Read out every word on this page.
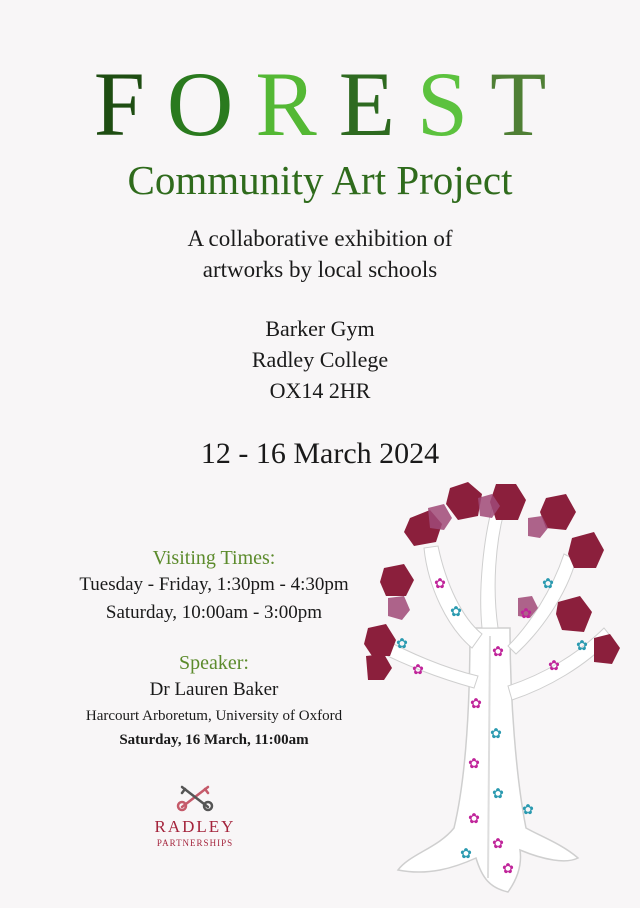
FOREST
Community Art Project
A collaborative exhibition of
artworks by local schools
Barker Gym
Radley College
OX14 2HR
12 - 16 March 2024
Visiting Times:
Tuesday - Friday, 1:30pm - 4:30pm
Saturday, 10:00am - 3:00pm
Speaker:
Dr Lauren Baker
Harcourt Arboretum, University of Oxford
Saturday, 16 March, 11:00am
RADLEY
PARTNERSHIPS
✿
✿
✿
✿
✿
✿
✿
✿	✿
✿
✿
✿
✿
✿	✿
✿
✿
✿
